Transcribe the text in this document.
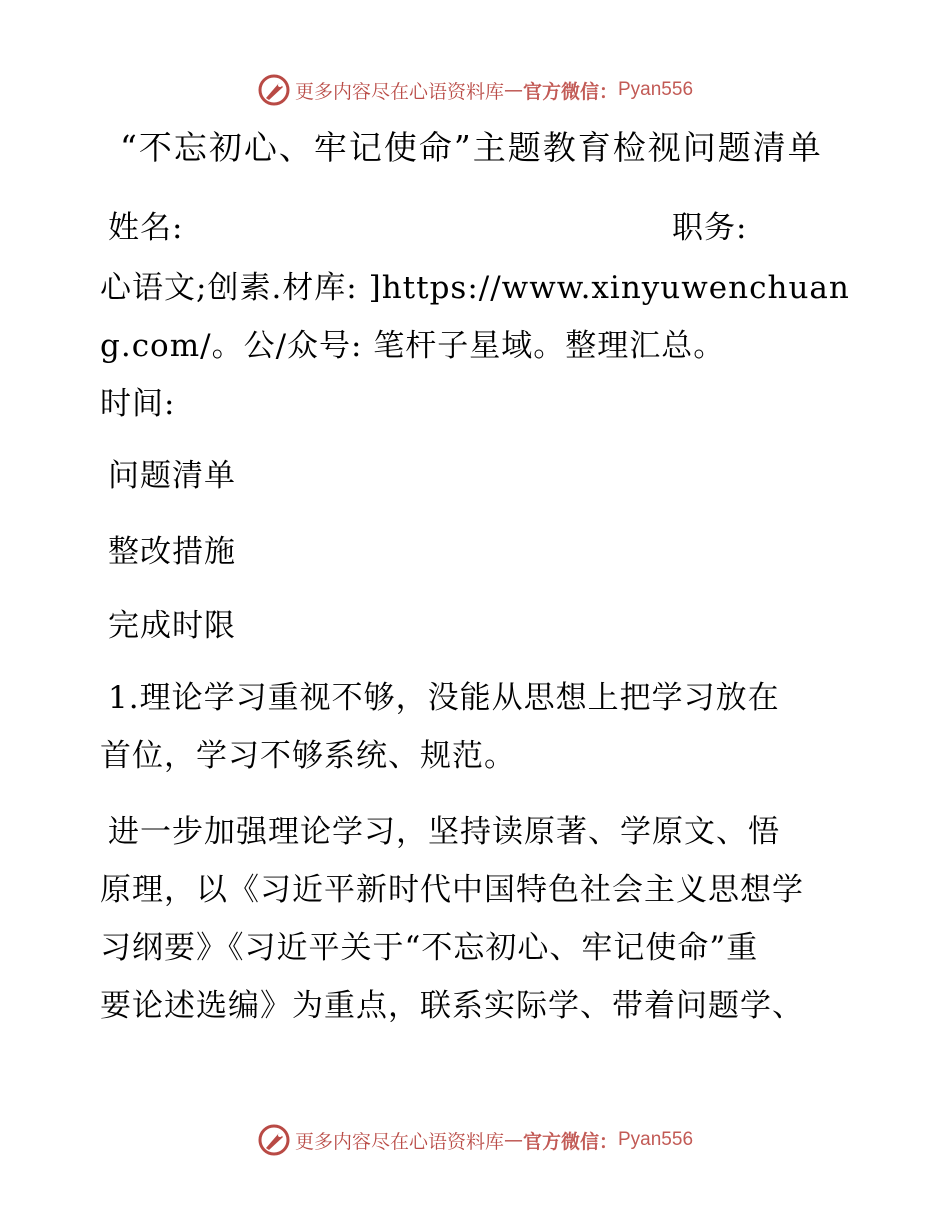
更多内容尽在心语资料库 — 官方微信： Pyan556
“不忘初心、牢记使命”主题教育检视问题清单
姓名:	职务:
心语文;创素.材库: ]https://www.xinyuwenchuan
g.com/。公/众号: 笔杆子星域。整理汇总。
时间:
问题清单
整改措施
完成时限
1.理论学习重视不够，没能从思想上把学习放在
首位，学习不够系统、规范。
进一步加强理论学习，坚持读原著、学原文、悟
原理，以《习近平新时代中国特色社会主义思想学
习纲要》《习近平关于“不忘初心、牢记使命”重
要论述选编》为重点，联系实际学、带着问题学、
更多内容尽在心语资料库 — 官方微信： Pyan556
